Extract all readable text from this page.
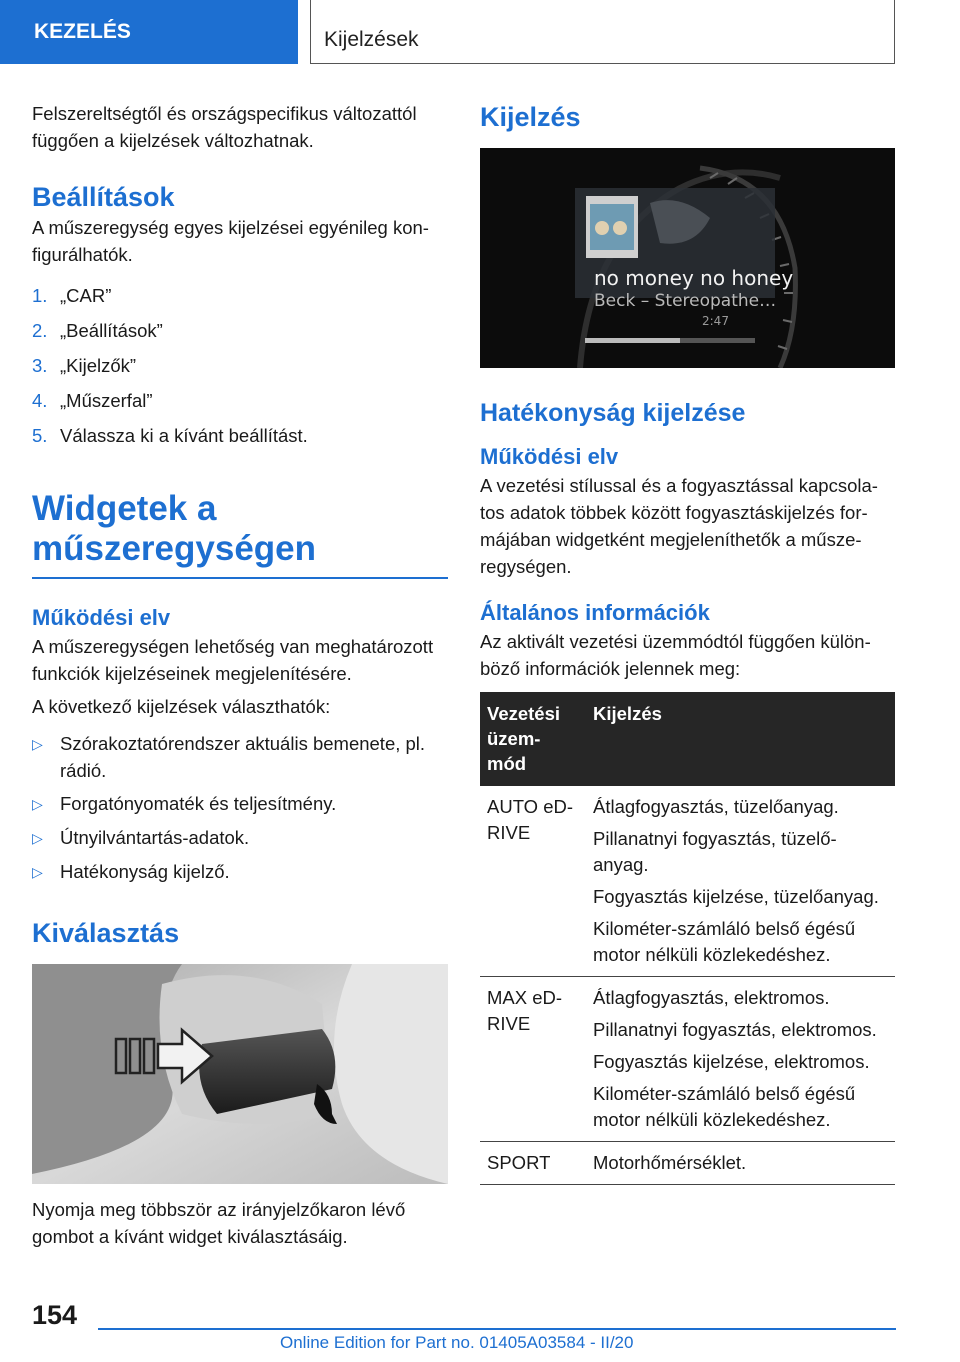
KEZELÉS	Kijelzések

Felszereltségtől és országspecifikus változattól függően a kijelzések változhatnak.

Beállítások

A műszeregység egyes kijelzései egyénileg kon-figurálhatók.

1. „CAR”
2. „Beállítások”
3. „Kijelzők”
4. „Műszerfal”
5. Válassza ki a kívánt beállítást.
Widgetek a
műszeregységen
Működési elv

A műszeregységen lehetőség van meghatározott funkciók kijelzéseinek megjelenítésére.

A következő kijelzések választhatók:

▷ Szórakoztatórendszer aktuális bemenete, pl. rádió.
▷ Forgatónyomaték és teljesítmény.
▷ Útnyilvántartás-adatok.
▷ Hatékonyság kijelző.
Kiválasztás

Nyomja meg többször az irányjelzőkaron lévő gombot a kívánt widget kiválasztásáig.

Kijelzés
no money no honey
Beck – Stereopathe…
2:47
Hatékonyság kijelzése
Működési elv

A vezetési stílussal és a fogyasztással kapcsola-tos adatok többek között fogyasztáskijelzés for-májában widgetként megjeleníthetők a műsze-regységen.

Általános információk

Az aktivált vezetési üzemmódtól függően külön-böző információk jelennek meg:

Vezetési üzem-mód	Kijelzés
AUTO eD-RIVE	Átlagfogyasztás, tüzelőanyag.

Pillanatnyi fogyasztás, tüzelő-anyag.

Fogyasztás kijelzése, tüzelőanyag.

Kilométer-számláló belső égésű motor nélküli közlekedéshez.

MAX eD-RIVE	Átlagfogyasztás, elektromos.

Pillanatnyi fogyasztás, elektromos.

Fogyasztás kijelzése, elektromos.

Kilométer-számláló belső égésű motor nélküli közlekedéshez.

SPORT	Motorhőmérséklet.

154
Online Edition for Part no. 01405A03584 - II/20
